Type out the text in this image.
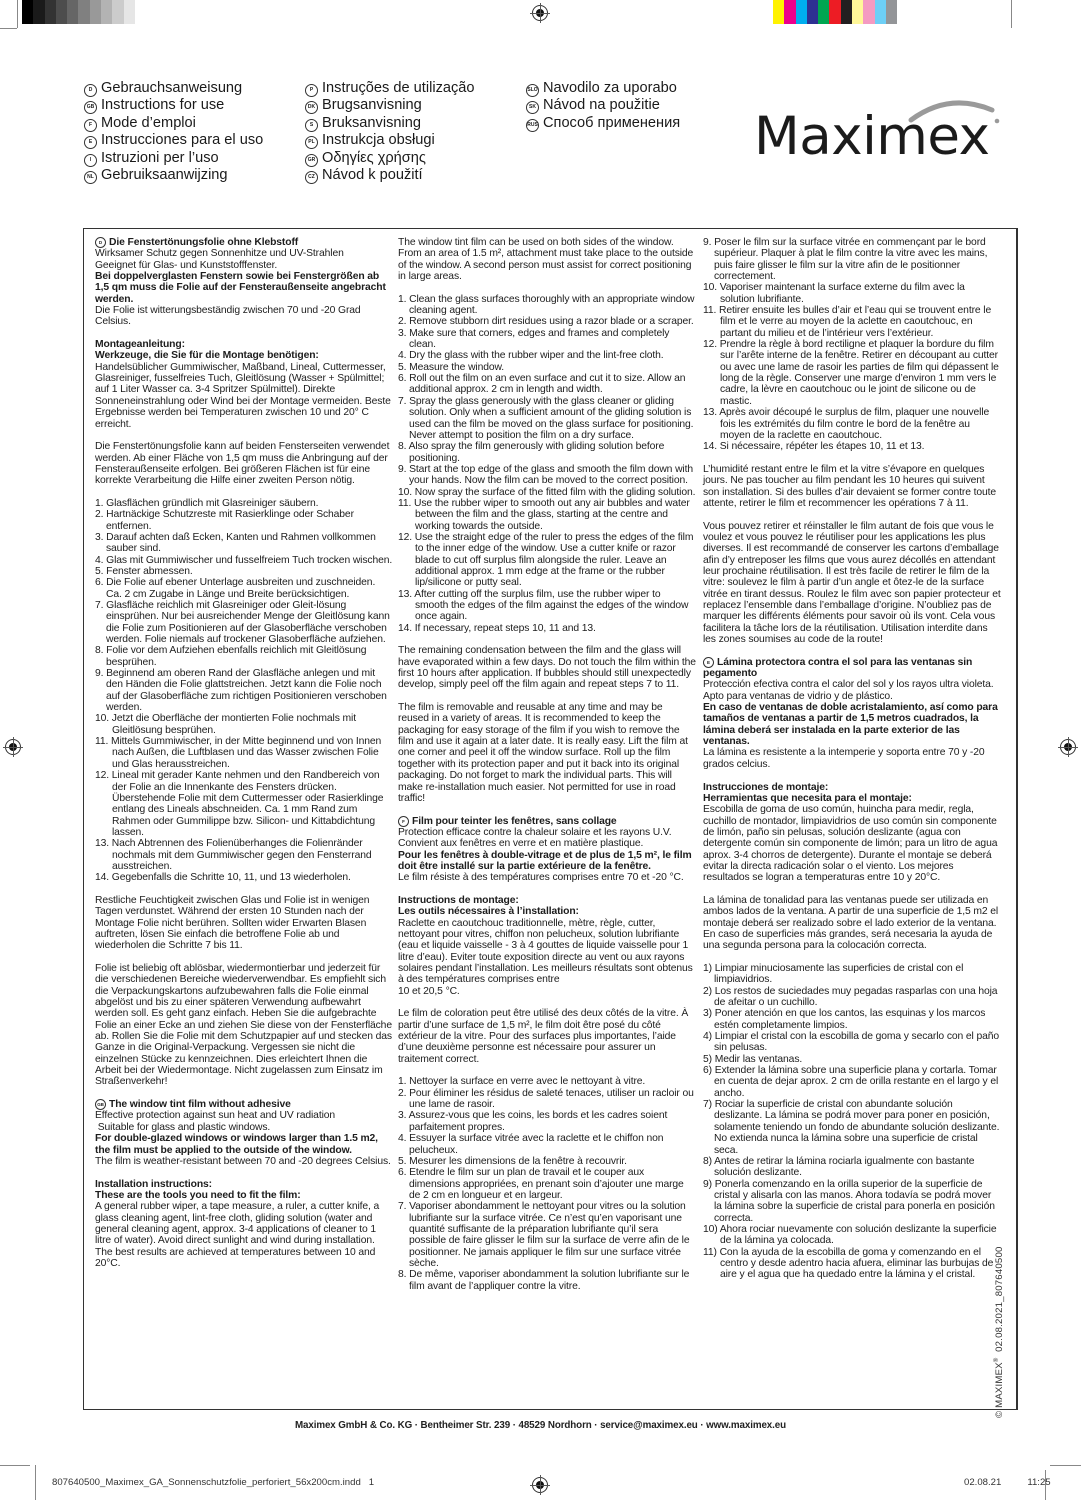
D Gebrauchsanweisung
GB Instructions for use
F Mode d’emploi
E Instrucciones para el uso
I Istruzioni per l’uso
NL Gebruiksaanwijzing
P Instruções de utilização
DK Brugsanvisning
S Bruksanvisning
PL Instrukcja obsługi
GR Οδηγίες χρήσης
CZ Návod k použití
SLO Navodilo za uporabo
SK Návod na použitie
RUS Способ применения Maximex

D Die Fenstertönungsfolie ohne Klebstoff

Wirksamer Schutz gegen Sonnenhitze und UV-Strahlen

Geeignet für Glas- und Kunststofffenster.

Bei doppelverglasten Fenstern sowie bei Fenstergrößen ab 1,5 qm muss die Folie auf der Fensteraußenseite angebracht werden.

Die Folie ist witterungsbeständig zwischen 70 und -20 Grad Celsius.

Montageanleitung:

Werkzeuge, die Sie für die Montage benötigen:

Handelsüblicher Gummiwischer, Maßband, Lineal, Cuttermesser, Glasreiniger, fusselfreies Tuch, Gleitlösung (Wasser + Spülmittel; auf 1 Liter Wasser ca. 3-4 Spritzer Spülmittel). Direkte Sonneneinstrahlung oder Wind bei der Montage vermeiden. Beste Ergebnisse werden bei Temperaturen zwischen 10 und 20° C erreicht.

Die Fenstertönungsfolie kann auf beiden Fensterseiten verwendet werden. Ab einer Fläche von 1,5 qm muss die Anbringung auf der Fensteraußenseite erfolgen. Bei größeren Flächen ist für eine korrekte Verarbeitung die Hilfe einer zweiten Person nötig.

1. Glasflächen gründlich mit Glasreiniger säubern.
2. Hartnäckige Schutzreste mit Rasierklinge oder Schaber entfernen.
3. Darauf achten daß Ecken, Kanten und Rahmen vollkommen sauber sind.
4. Glas mit Gummiwischer und fusselfreiem Tuch trocken wischen.
5. Fenster abmessen.
6. Die Folie auf ebener Unterlage ausbreiten und zuschneiden. Ca. 2 cm Zugabe in Länge und Breite berücksichtigen.
7. Glasfläche reichlich mit Glasreiniger oder Gleit-lösung einsprühen. Nur bei ausreichender Menge der Gleitlösung kann die Folie zum Positionieren auf der Glasoberfläche verschoben werden. Folie niemals auf trockener Glasoberfläche aufziehen.
8. Folie vor dem Aufziehen ebenfalls reichlich mit Gleitlösung besprühen.
9. Beginnend am oberen Rand der Glasfläche anlegen und mit den Händen die Folie glattstreichen. Jetzt kann die Folie noch auf der Glasoberfläche zum richtigen Positionieren verschoben werden.
10. Jetzt die Oberfläche der montierten Folie nochmals mit Gleitlösung besprühen.
11. Mittels Gummiwischer, in der Mitte beginnend und von Innen nach Außen, die Luftblasen und das Wasser zwischen Folie und Glas herausstreichen.
12. Lineal mit gerader Kante nehmen und den Randbereich von der Folie an die Innenkante des Fensters drücken. Überstehende Folie mit dem Cuttermesser oder Rasierklinge entlang des Lineals abschneiden. Ca. 1 mm Rand zum Rahmen oder Gummilippe bzw. Silicon- und Kittabdichtung lassen.
13. Nach Abtrennen des Folienüberhanges die Folienränder nochmals mit dem Gummiwischer gegen den Fensterrand ausstreichen.
14. Gegebenfalls die Schritte 10, 11, und 13 wiederholen.

Restliche Feuchtigkeit zwischen Glas und Folie ist in wenigen Tagen verdunstet. Während der ersten 10 Stunden nach der Montage Folie nicht berühren. Sollten wider Erwarten Blasen auftreten, lösen Sie einfach die betroffene Folie ab und wiederholen die Schritte 7 bis 11.

Folie ist beliebig oft ablösbar, wiedermontierbar und jederzeit für die verschiedenen Bereiche wiederverwendbar. Es empfiehlt sich die Verpackungskartons aufzubewahren falls die Folie einmal abgelöst und bis zu einer späteren Verwendung aufbewahrt werden soll. Es geht ganz einfach. Heben Sie die aufgebrachte Folie an einer Ecke an und ziehen Sie diese von der Fensterfläche ab. Rollen Sie die Folie mit dem Schutzpapier auf und stecken das Ganze in die Original-Verpackung. Vergessen sie nicht die einzelnen Stücke zu kennzeichnen. Dies erleichtert Ihnen die Arbeit bei der Wiedermontage. Nicht zugelassen zum Einsatz im Straßenverkehr!

GB The window tint film without adhesive

Effective protection against sun heat and UV radiation

Suitable for glass and plastic windows.

For double-glazed windows or windows larger than 1.5 m2, the film must be applied to the outside of the window.

The film is weather-resistant between 70 and -20 degrees Celsius.

Installation instructions:

These are the tools you need to fit the film:

A general rubber wiper, a tape measure, a ruler, a cutter knife, a glass cleaning agent, lint-free cloth, gliding solution (water and general cleaning agent, approx. 3-4 applications of cleaner to 1 litre of water). Avoid direct sunlight and wind during installation. The best results are achieved at temperatures between 10 and 20°C.

The window tint film can be used on both sides of the window. From an area of 1.5 m², attachment must take place to the outside of the window. A second person must assist for correct positioning in large areas.

1. Clean the glass surfaces thoroughly with an appropriate window cleaning agent.
2. Remove stubborn dirt residues using a razor blade or a scraper.
3. Make sure that corners, edges and frames and completely clean.
4. Dry the glass with the rubber wiper and the lint-free cloth.
5. Measure the window.
6. Roll out the film on an even surface and cut it to size. Allow an additional approx. 2 cm in length and width.
7. Spray the glass generously with the glass cleaner or gliding solution. Only when a sufficient amount of the gliding solution is used can the film be moved on the glass surface for positioning. Never attempt to position the film on a dry surface.
8. Also spray the film generously with gliding solution before positioning.
9. Start at the top edge of the glass and smooth the film down with your hands. Now the film can be moved to the correct position.
10. Now spray the surface of the fitted film with the gliding solution.
11. Use the rubber wiper to smooth out any air bubbles and water between the film and the glass, starting at the centre and working towards the outside.
12. Use the straight edge of the ruler to press the edges of the film to the inner edge of the window. Use a cutter knife or razor blade to cut off surplus film alongside the ruler. Leave an additional approx. 1 mm edge at the frame or the rubber lip/silicone or putty seal.
13. After cutting off the surplus film, use the rubber wiper to smooth the edges of the film against the edges of the window once again.
14. If necessary, repeat steps 10, 11 and 13.

The remaining condensation between the film and the glass will have evaporated within a few days. Do not touch the film within the first 10 hours after application. If bubbles should still unexpectedly develop, simply peel off the film again and repeat steps 7 to 11.

The film is removable and reusable at any time and may be reused in a variety of areas. It is recommended to keep the packaging for easy storage of the film if you wish to remove the film and use it again at a later date. It is really easy. Lift the film at one corner and peel it off the window surface. Roll up the film together with its protection paper and put it back into its original packaging. Do not forget to mark the individual parts. This will make re-installation much easier. Not permitted for use in road traffic!

F Film pour teinter les fenêtres, sans collage

Protection efficace contre la chaleur solaire et les rayons U.V.

Convient aux fenêtres en verre et en matière plastique.

Pour les fenêtres à double-vitrage et de plus de 1,5 m², le film doit être installé sur la partie extérieure de la fenêtre.

Le film résiste à des températures comprises entre 70 et -20 °C.

Instructions de montage:

Les outils nécessaires à l’installation:

Raclette en caoutchouc traditionnelle, mètre, règle, cutter, nettoyant pour vitres, chiffon non pelucheux, solution lubrifiante (eau et liquide vaisselle - 3 à 4 gouttes de liquide vaisselle pour 1 litre d’eau). Eviter toute exposition directe au vent ou aux rayons solaires pendant l’installation. Les meilleurs résultats sont obtenus à des températures comprises entre

10 et 20,5 °C.

Le film de coloration peut être utilisé des deux côtés de la vitre. À partir d’une surface de 1,5 m², le film doit être posé du côté extérieur de la vitre. Pour des surfaces plus importantes, l’aide d’une deuxième personne est nécessaire pour assurer un traitement correct.

1. Nettoyer la surface en verre avec le nettoyant à vitre.
2. Pour éliminer les résidus de saleté tenaces, utiliser un racloir ou une lame de rasoir.
3. Assurez-vous que les coins, les bords et les cadres soient parfaitement propres.
4. Essuyer la surface vitrée avec la raclette et le chiffon non pelucheux.
5. Mesurer les dimensions de la fenêtre à recouvrir.
6. Etendre le film sur un plan de travail et le couper aux dimensions appropriées, en prenant soin d’ajouter une marge de 2 cm en longueur et en largeur.
7. Vaporiser abondamment le nettoyant pour vitres ou la solution lubrifiante sur la surface vitrée. Ce n’est qu’en vaporisant une quantité suffisante de la préparation lubrifiante qu’il sera possible de faire glisser le film sur la surface de verre afin de le positionner. Ne jamais appliquer le film sur une surface vitrée sèche.
8. De même, vaporiser abondamment la solution lubrifiante sur le film avant de l’appliquer contre la vitre.
9. Poser le film sur la surface vitrée en commençant par le bord supérieur. Plaquer à plat le film contre la vitre avec les mains, puis faire glisser le film sur la vitre afin de le positionner correctement.
10. Vaporiser maintenant la surface externe du film avec la solution lubrifiante.
11. Retirer ensuite les bulles d’air et l’eau qui se trouvent entre le film et le verre au moyen de la aclette en caoutchouc, en partant du milieu et de l’intérieur vers l’extérieur.
12. Prendre la règle à bord rectiligne et plaquer la bordure du film sur l’arête interne de la fenêtre. Retirer en découpant au cutter ou avec une lame de rasoir les parties de film qui dépassent le long de la règle. Conserver une marge d’environ 1 mm vers le cadre, la lèvre en caoutchouc ou le joint de silicone ou de mastic.
13. Après avoir découpé le surplus de film, plaquer une nouvelle fois les extrémités du film contre le bord de la fenêtre au moyen de la raclette en caoutchouc.
14. Si nécessaire, répéter les étapes 10, 11 et 13.

L’humidité restant entre le film et la vitre s’évapore en quelques jours. Ne pas toucher au film pendant les 10 heures qui suivent son installation. Si des bulles d’air devaient se former contre toute attente, retirer le film et recommencer les opérations 7 à 11.

Vous pouvez retirer et réinstaller le film autant de fois que vous le voulez et vous pouvez le réutiliser pour les applications les plus diverses. Il est recommandé de conserver les cartons d’emballage afin d’y entreposer les films que vous aurez décollés en attendant leur prochaine réutilisation. Il est très facile de retirer le film de la vitre: soulevez le film à partir d’un angle et ôtez-le de la surface vitrée en tirant dessus. Roulez le film avec son papier protecteur et replacez l’ensemble dans l’emballage d’origine. N’oubliez pas de marquer les différents éléments pour savoir où ils vont. Cela vous facilitera la tâche lors de la réutilisation. Utilisation interdite dans les zones soumises au code de la route!

E Lámina protectora contra el sol para las ventanas sin pegamento

Protección efectiva contra el calor del sol y los rayos ultra violeta.

Apto para ventanas de vidrio y de plástico.

En caso de ventanas de doble acristalamiento, así como para tamaños de ventanas a partir de 1,5 metros cuadrados, la lámina deberá ser instalada en la parte exterior de las ventanas.

La lámina es resistente a la intemperie y soporta entre 70 y -20 grados celcius.

Instrucciones de montaje:

Herramientas que necesita para el montaje:

Escobilla de goma de uso común, huincha para medir, regla, cuchillo de montador, limpiavidrios de uso común sin componente de limón, paño sin pelusas, solución deslizante (agua con detergente común sin componente de limón; para un litro de agua aprox. 3-4 chorros de detergente). Durante el montaje se deberá evitar la directa radicación solar o el viento. Los mejores resultados se logran a temperaturas entre 10 y 20°C.

La lámina de tonalidad para las ventanas puede ser utilizada en ambos lados de la ventana. A partir de una superficie de 1,5 m2 el montaje deberá ser realizado sobre el lado exterior de la ventana. En caso de superficies más grandes, será necesaria la ayuda de una segunda persona para la colocación correcta.

1) Limpiar minuciosamente las superficies de cristal con el limpiavidrios.
2) Los restos de suciedades muy pegadas rasparlas con una hoja de afeitar o un cuchillo.
3) Poner atención en que los cantos, las esquinas y los marcos estén completamente limpios.
4) Limpiar el cristal con la escobilla de goma y secarlo con el paño sin pelusas.
5) Medir las ventanas.
6) Extender la lámina sobre una superficie plana y cortarla. Tomar en cuenta de dejar aprox. 2 cm de orilla restante en el largo y el ancho.
7) Rociar la superficie de cristal con abundante solución deslizante. La lámina se podrá mover para poner en posición, solamente teniendo un fondo de abundante solución deslizante. No extienda nunca la lámina sobre una superficie de cristal seca.
8) Antes de retirar la lámina rociarla igualmente con bastante solución deslizante.
9) Ponerla comenzando en la orilla superior de la superficie de cristal y alisarla con las manos. Ahora todavía se podrá mover la lámina sobre la superficie de cristal para ponerla en posición correcta.
10) Ahora rociar nuevamente con solución deslizante la superficie de la lámina ya colocada.
11) Con la ayuda de la escobilla de goma y comenzando en el centro y desde adentro hacia afuera, eliminar las burbujas de aire y el agua que ha quedado entre la lámina y el cristal.
© MAXIMEX®  02.08.2021_807640500
Maximex GmbH & Co. KG · Bentheimer Str. 239 · 48529 Nordhorn · service@maximex.eu · www.maximex.eu
807640500_Maximex_GA_Sonnenschutzfolie_perforiert_56x200cm.indd   1	02.08.21   11:25
